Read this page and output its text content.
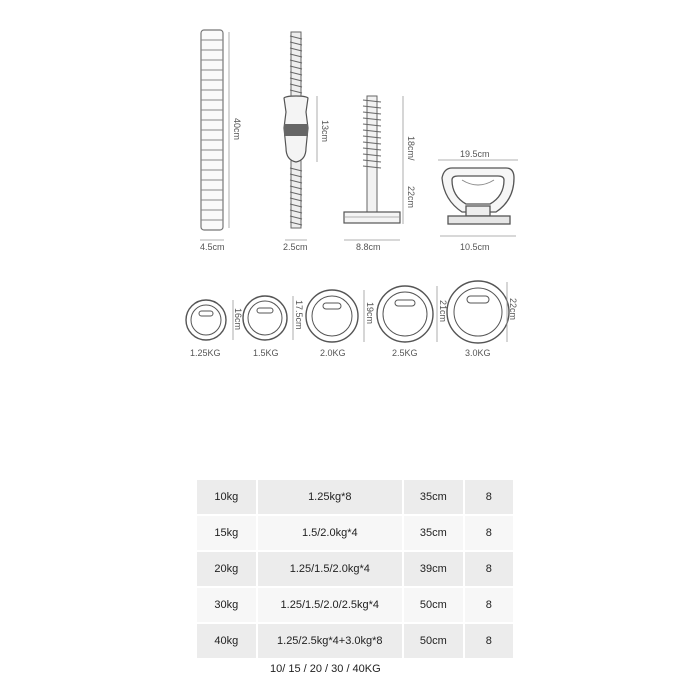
4.5cm
40cm
2.5cm
13cm
8.8cm
18cm/
22cm
19.5cm
10.5cm
1.25KG
16cm
1.5KG
17.5cm
2.0KG
19cm
2.5KG
21cm
3.0KG
22cm
10kg	1.25kg*8	35cm	8
15kg	1.5/2.0kg*4	35cm	8
20kg	1.25/1.5/2.0kg*4	39cm	8
30kg	1.25/1.5/2.0/2.5kg*4	50cm	8
40kg	1.25/2.5kg*4+3.0kg*8	50cm	8
10/ 15 / 20 / 30 / 40KG
